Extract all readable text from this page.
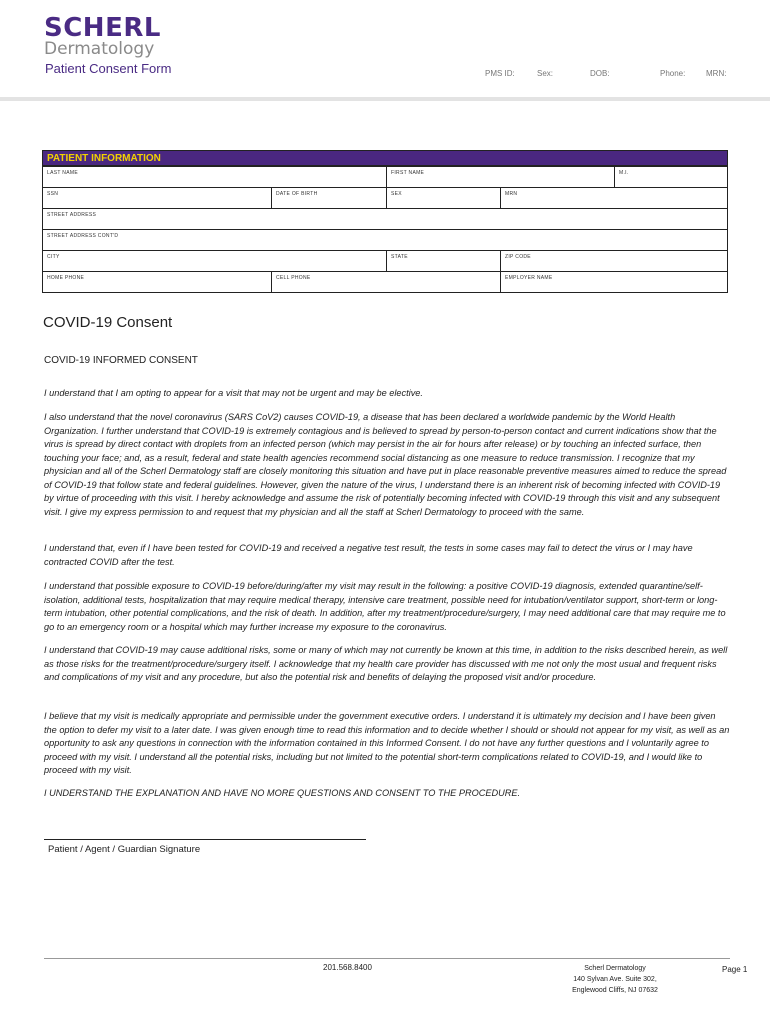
SCHERL
Dermatology
Patient Consent Form	PMS ID:	Sex:	DOB:	Phone:	MRN:
PATIENT INFORMATION
LAST NAME	FIRST NAME	M.I.
SSN	DATE OF BIRTH	SEX	MRN
STREET ADDRESS
STREET ADDRESS CONT'D
CITY	STATE	ZIP CODE
HOME PHONE	CELL PHONE	EMPLOYER NAME
COVID-19 Consent
COVID-19 INFORMED CONSENT
I understand that I am opting to appear for a visit that may not be urgent and may be elective.
I also understand that the novel coronavirus (SARS CoV2) causes COVID-19, a disease that has been declared a worldwide pandemic by the World Health Organization. I further understand that COVID-19 is extremely contagious and is believed to spread by person-to-person contact and current indications show that the virus is spread by direct contact with droplets from an infected person (which may persist in the air for hours after release) or by touching an infected surface, then touching your face; and, as a result, federal and state health agencies recommend social distancing as one measure to reduce transmission. I recognize that my physician and all of the Scherl Dermatology staff are closely monitoring this situation and have put in place reasonable preventive measures aimed to reduce the spread of COVID-19 that follow state and federal guidelines. However, given the nature of the virus, I understand there is an inherent risk of becoming infected with COVID-19 by virtue of proceeding with this visit. I hereby acknowledge and assume the risk of potentially becoming infected with COVID-19 through this visit and any subsequent visit. I give my express permission to and request that my physician and all the staff at Scherl Dermatology to proceed with the same.
I understand that, even if I have been tested for COVID-19 and received a negative test result, the tests in some cases may fail to detect the virus or I may have contracted COVID after the test.
I understand that possible exposure to COVID-19 before/during/after my visit may result in the following: a positive COVID-19 diagnosis, extended quarantine/self-isolation, additional tests, hospitalization that may require medical therapy, intensive care treatment, possible need for intubation/ventilator support, short-term or long-term intubation, other potential complications, and the risk of death. In addition, after my treatment/procedure/surgery, I may need additional care that may require me to go to an emergency room or a hospital which may further increase my exposure to the coronavirus.
I understand that COVID-19 may cause additional risks, some or many of which may not currently be known at this time, in addition to the risks described herein, as well as those risks for the treatment/procedure/surgery itself. I acknowledge that my health care provider has discussed with me not only the most usual and frequent risks and complications of my visit and any procedure, but also the potential risk and benefits of delaying the proposed visit and/or procedure.
I believe that my visit is medically appropriate and permissible under the government executive orders. I understand it is ultimately my decision and I have been given the option to defer my visit to a later date. I was given enough time to read this information and to decide whether I should or should not appear for my visit, as well as an opportunity to ask any questions in connection with the information contained in this Informed Consent. I do not have any further questions and I voluntarily agree to proceed with my visit. I understand all the potential risks, including but not limited to the potential short-term complications related to COVID-19, and I would like to proceed with my visit.
I UNDERSTAND THE EXPLANATION AND HAVE NO MORE QUESTIONS AND CONSENT TO THE PROCEDURE.
Patient / Agent / Guardian Signature
201.568.8400	Scherl Dermatology
140 Sylvan Ave. Suite 302,
Englewood Cliffs, NJ 07632
Page 1
